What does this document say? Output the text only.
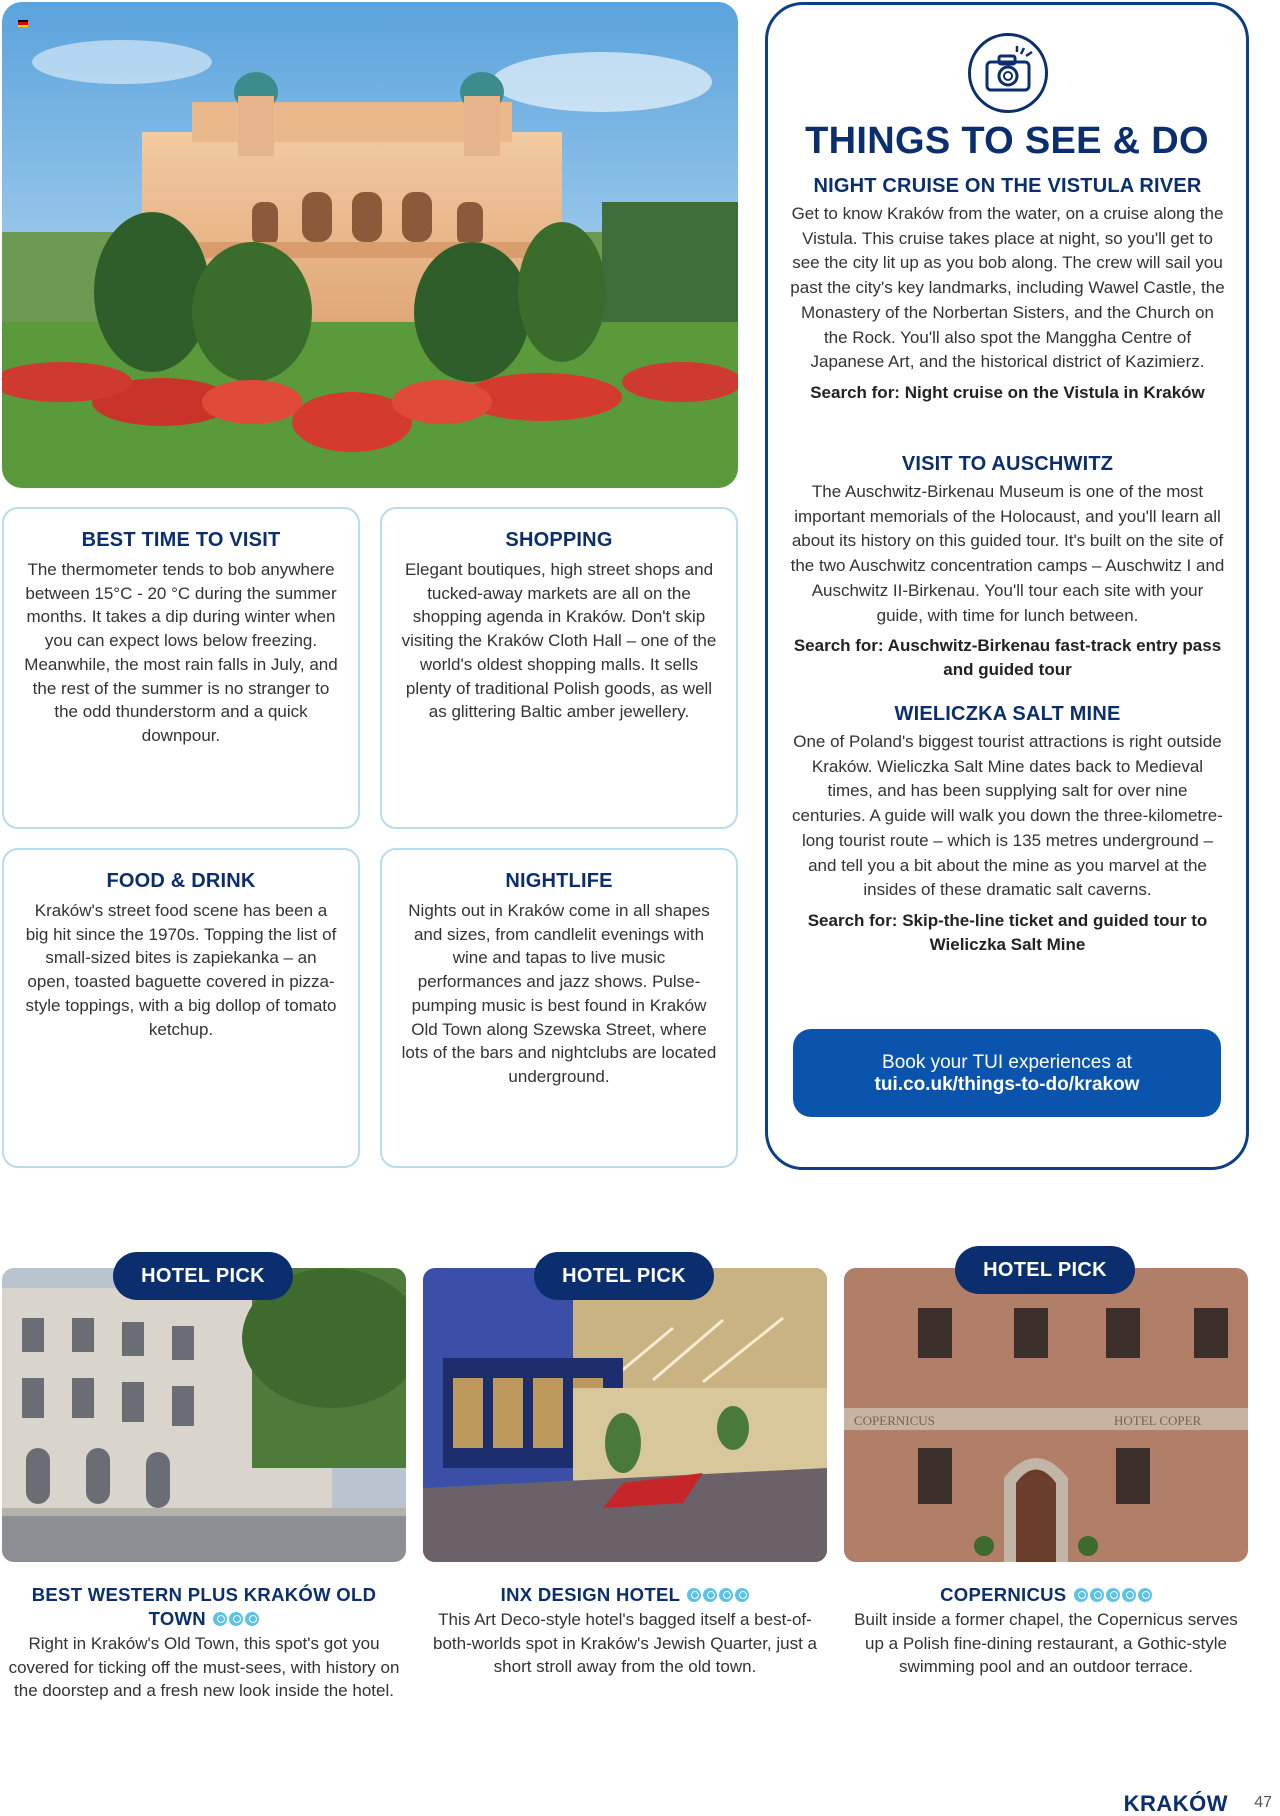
BEST TIME TO VISIT

The thermometer tends to bob anywhere between 15°C - 20 °C during the summer months. It takes a dip during winter when you can expect lows below freezing. Meanwhile, the most rain falls in July, and the rest of the summer is no stranger to the odd thunderstorm and a quick downpour.

SHOPPING

Elegant boutiques, high street shops and tucked-away markets are all on the shopping agenda in Kraków. Don't skip visiting the Kraków Cloth Hall – one of the world's oldest shopping malls. It sells plenty of traditional Polish goods, as well as glittering Baltic amber jewellery.

FOOD & DRINK

Kraków's street food scene has been a big hit since the 1970s. Topping the list of small-sized bites is zapiekanka – an open, toasted baguette covered in pizza-style toppings, with a big dollop of tomato ketchup.

NIGHTLIFE

Nights out in Kraków come in all shapes and sizes, from candlelit evenings with wine and tapas to live music performances and jazz shows. Pulse-pumping music is best found in Kraków Old Town along Szewska Street, where lots of the bars and nightclubs are located underground.

THINGS TO SEE & DO
NIGHT CRUISE ON THE VISTULA RIVER

Get to know Kraków from the water, on a cruise along the Vistula. This cruise takes place at night, so you'll get to see the city lit up as you bob along. The crew will sail you past the city's key landmarks, including Wawel Castle, the Monastery of the Norbertan Sisters, and the Church on the Rock. You'll also spot the Manggha Centre of Japanese Art, and the historical district of Kazimierz.

Search for: Night cruise on the Vistula in Kraków

VISIT TO AUSCHWITZ

The Auschwitz-Birkenau Museum is one of the most important memorials of the Holocaust, and you'll learn all about its history on this guided tour. It's built on the site of the two Auschwitz concentration camps – Auschwitz I and Auschwitz II-Birkenau. You'll tour each site with your guide, with time for lunch between.

Search for: Auschwitz-Birkenau fast-track entry pass and guided tour

WIELICZKA SALT MINE

One of Poland's biggest tourist attractions is right outside Kraków. Wieliczka Salt Mine dates back to Medieval times, and has been supplying salt for over nine centuries. A guide will walk you down the three-kilometre-long tourist route – which is 135 metres underground – and tell you a bit about the mine as you marvel at the insides of these dramatic salt caverns.

Search for: Skip-the-line ticket and guided tour to Wieliczka Salt Mine

Book your TUI experiences at
tui.co.uk/things-to-do/krakow
COPERNICUS	HOTEL COPER
HOTEL PICK	HOTEL PICK	HOTEL PICK
BEST WESTERN PLUS KRAKÓW OLD TOWN

Right in Kraków's Old Town, this spot's got you covered for ticking off the must-sees, with history on the doorstep and a fresh new look inside the hotel.

INX DESIGN HOTEL

This Art Deco-style hotel's bagged itself a best-of-both-worlds spot in Kraków's Jewish Quarter, just a short stroll away from the old town.

COPERNICUS

Built inside a former chapel, the Copernicus serves up a Polish fine-dining restaurant, a Gothic-style swimming pool and an outdoor terrace.

KRAKÓW 47
